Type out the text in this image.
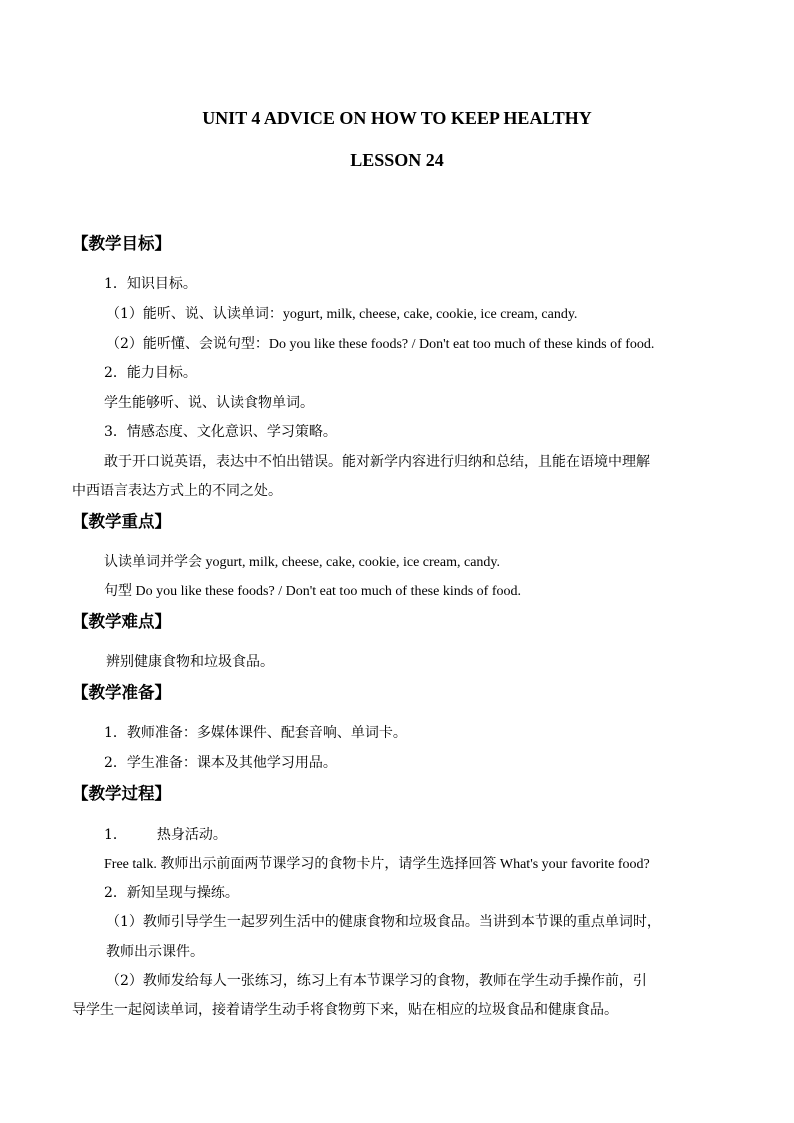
UNIT 4 ADVICE ON HOW TO KEEP HEALTHY
LESSON 24
【教学目标】
1．知识目标。
（1）能听、说、认读单词：yogurt, milk, cheese, cake, cookie, ice cream, candy.
（2）能听懂、会说句型：Do you like these foods? / Don't eat too much of these kinds of food.
2．能力目标。
学生能够听、说、认读食物单词。
3．情感态度、文化意识、学习策略。
敢于开口说英语，表达中不怕出错误。能对新学内容进行归纳和总结，且能在语境中理解
中西语言表达方式上的不同之处。
【教学重点】
认读单词并学会 yogurt, milk, cheese, cake, cookie, ice cream, candy.
句型 Do you like these foods? / Don't eat too much of these kinds of food.
【教学难点】
辨别健康食物和垃圾食品。
【教学准备】
1．教师准备：多媒体课件、配套音响、单词卡。
2．学生准备：课本及其他学习用品。
【教学过程】
1． 热身活动。
Free talk. 教师出示前面两节课学习的食物卡片，请学生选择回答 What's your favorite food?
2．新知呈现与操练。
（1）教师引导学生一起罗列生活中的健康食物和垃圾食品。当讲到本节课的重点单词时，
教师出示课件。
（2）教师发给每人一张练习，练习上有本节课学习的食物，教师在学生动手操作前，引
导学生一起阅读单词，接着请学生动手将食物剪下来，贴在相应的垃圾食品和健康食品。
